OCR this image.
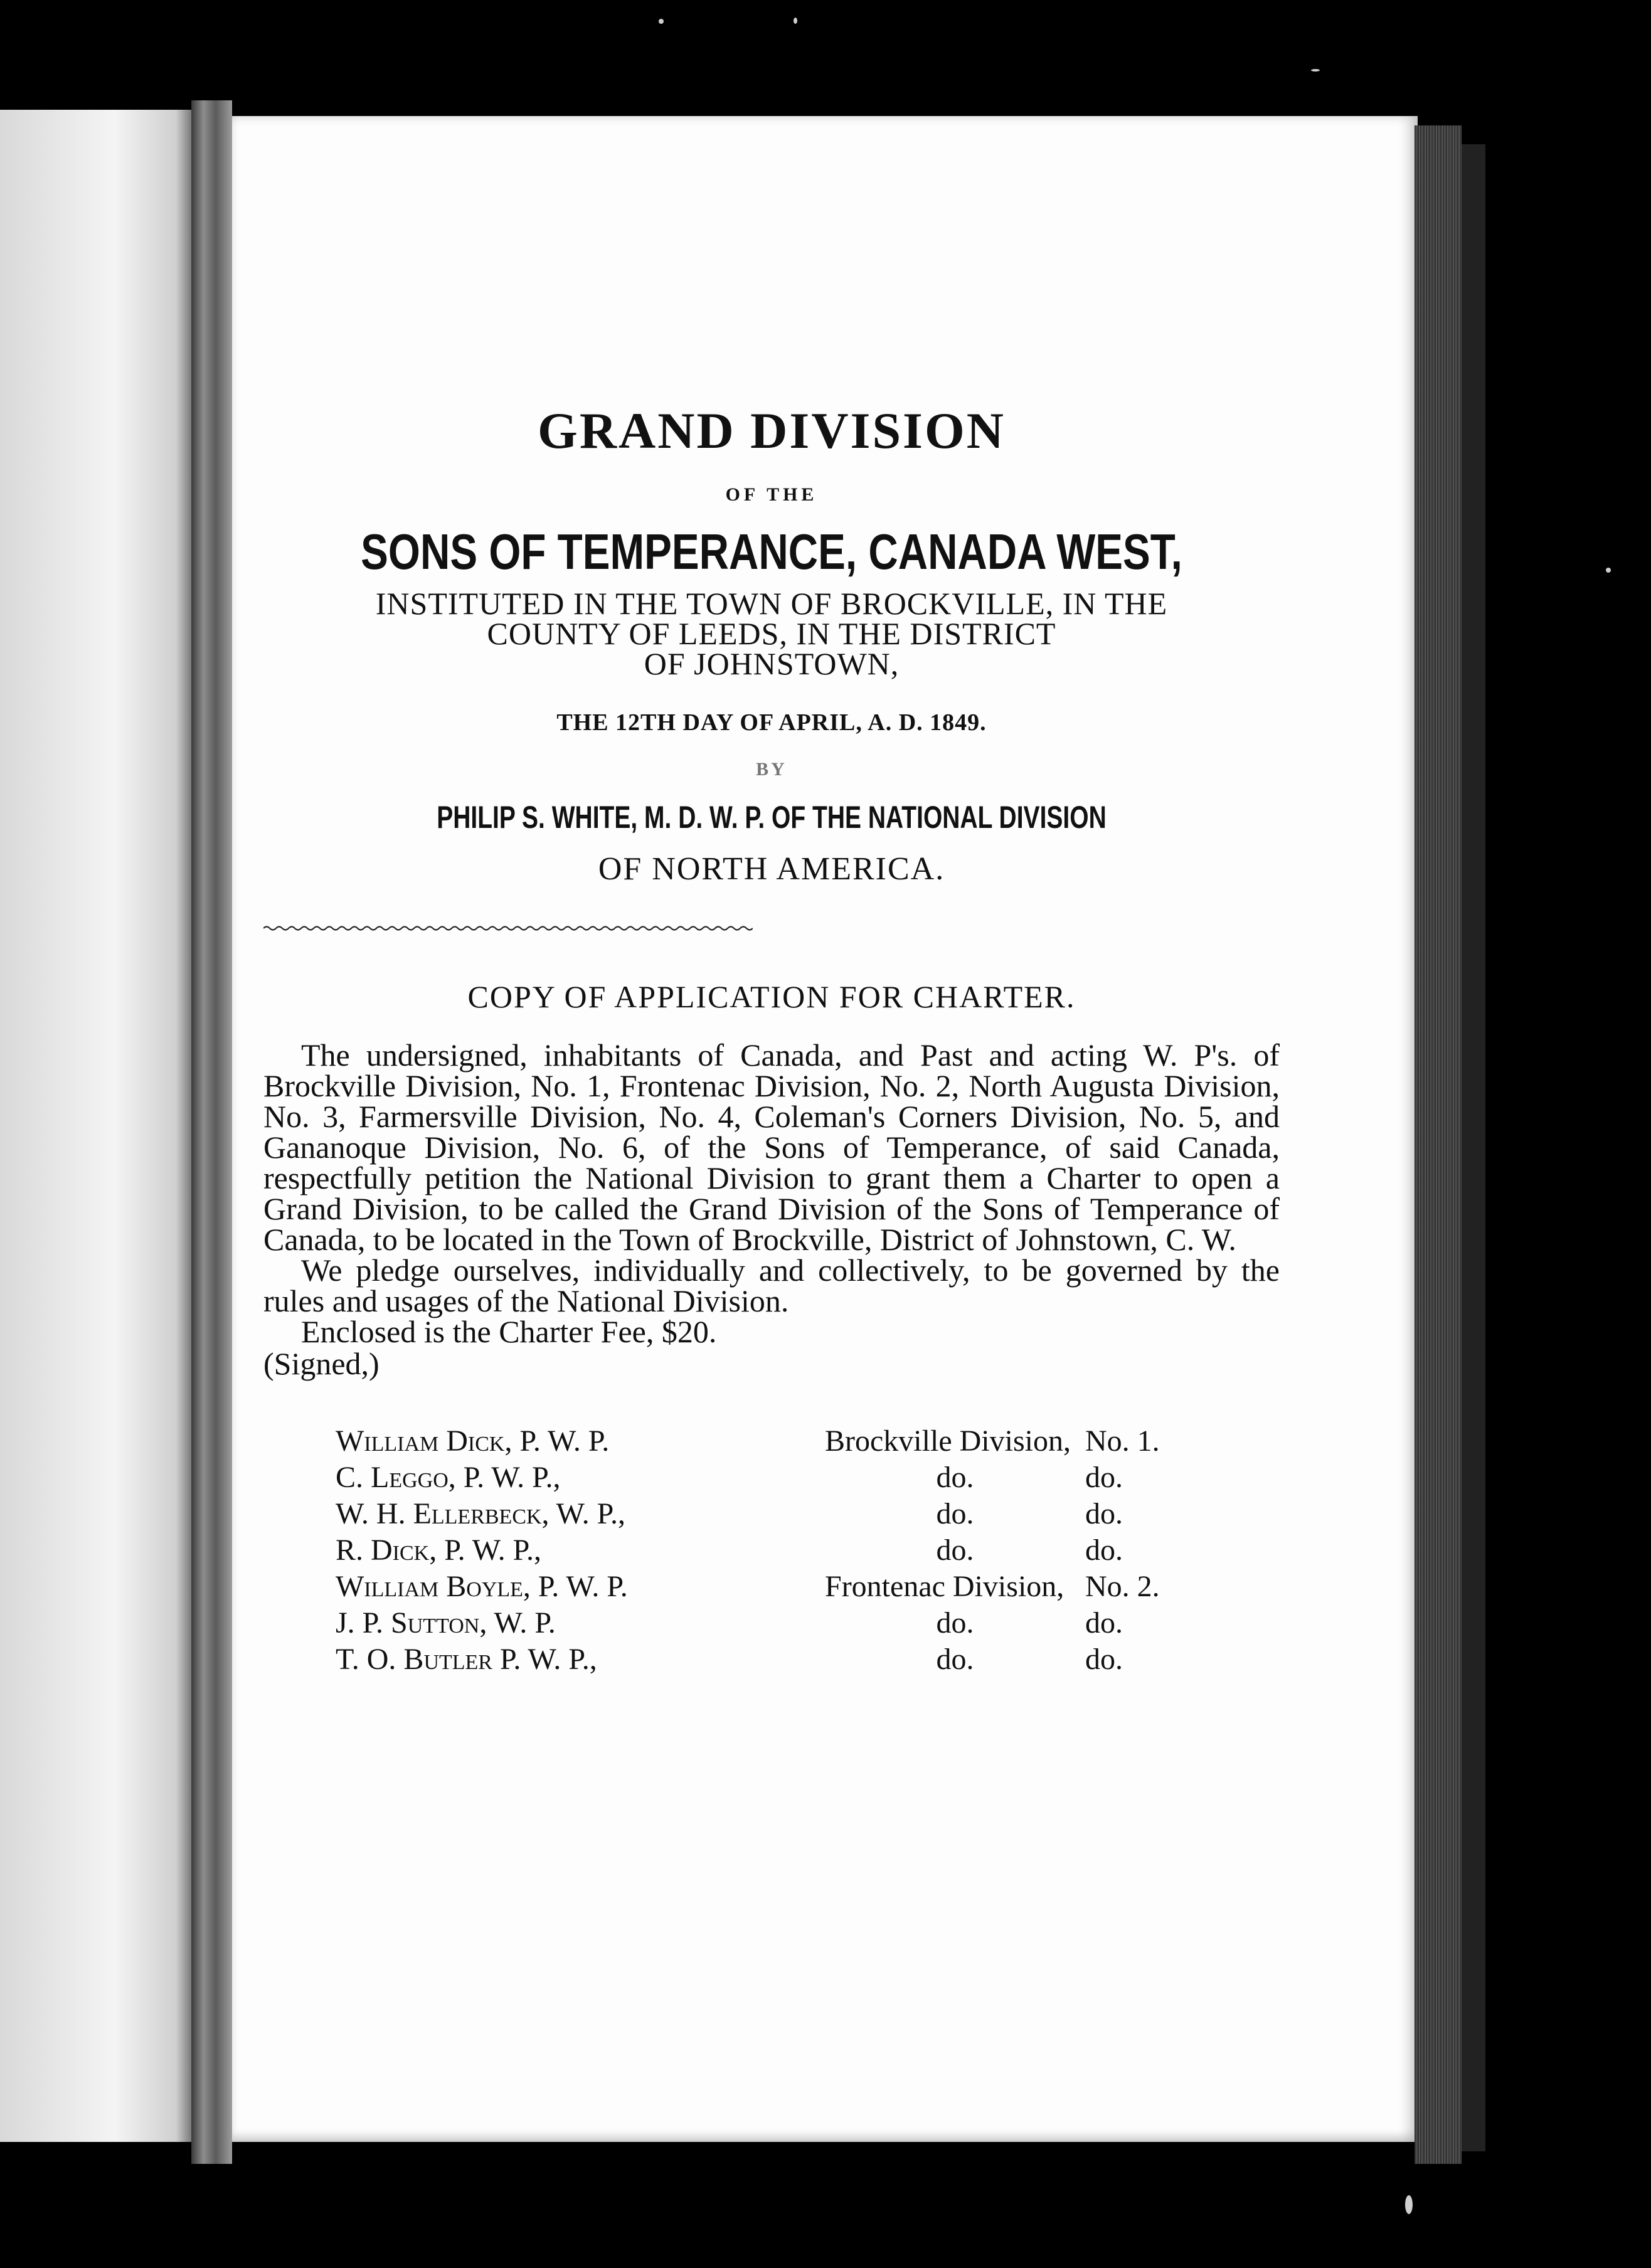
GRAND DIVISION
OF THE
SONS OF TEMPERANCE, CANADA WEST,
INSTITUTED IN THE TOWN OF BROCKVILLE, IN THE
COUNTY OF LEEDS, IN THE DISTRICT
OF JOHNSTOWN,
THE 12TH DAY OF APRIL, A. D. 1849.
BY
PHILIP S. WHITE, M. D. W. P. OF THE NATIONAL DIVISION
OF NORTH AMERICA.
COPY OF APPLICATION FOR CHARTER.

The undersigned, inhabitants of Canada, and Past and acting W. P's. of Brockville Division, No. 1, Frontenac Division, No. 2, North Augusta Division, No. 3, Farmersville Division, No. 4, Coleman's Corners Division, No. 5, and Gananoque Division, No. 6, of the Sons of Temperance, of said Canada, respectfully petition the National Division to grant them a Charter to open a Grand Division, to be called the Grand Division of the Sons of Temperance of Canada, to be located in the Town of Brockville, District of Johnstown, C. W.

We pledge ourselves, individually and collectively, to be governed by the rules and usages of the National Division.

Enclosed is the Charter Fee, $20.

(Signed,)
William Dick, P. W. P.	Brockville Division, No. 1.
C. Leggo, P. W. P.,	do.	do.
W. H. Ellerbeck, W. P.,	do.	do.
R. Dick, P. W. P.,	do.	do.
William Boyle, P. W. P.	Frontenac Division, No. 2.
J. P. Sutton, W. P.	do.	do.
T. O. Butler P. W. P.,	do.	do.
